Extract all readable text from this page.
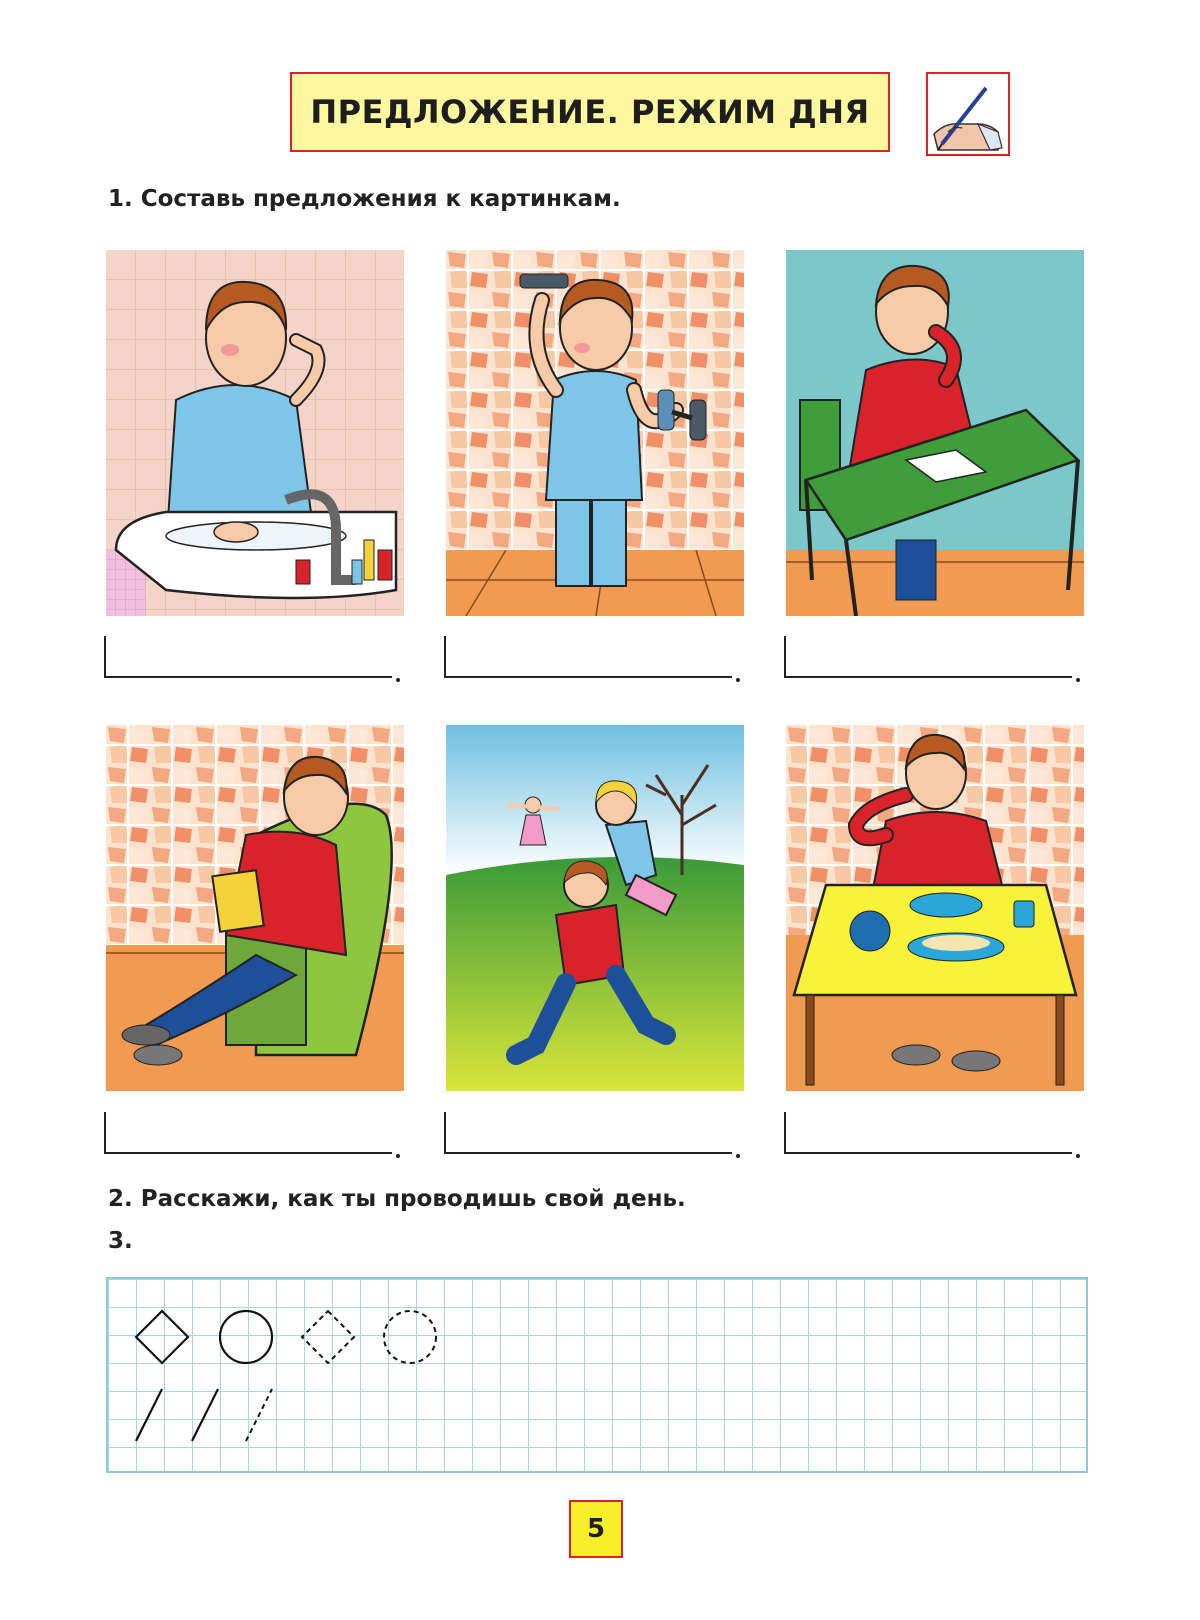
ПРЕДЛОЖЕНИЕ. РЕЖИМ ДНЯ
1. Составь предложения к картинкам.
2. Расскажи, как ты проводишь свой день.
3.
5
